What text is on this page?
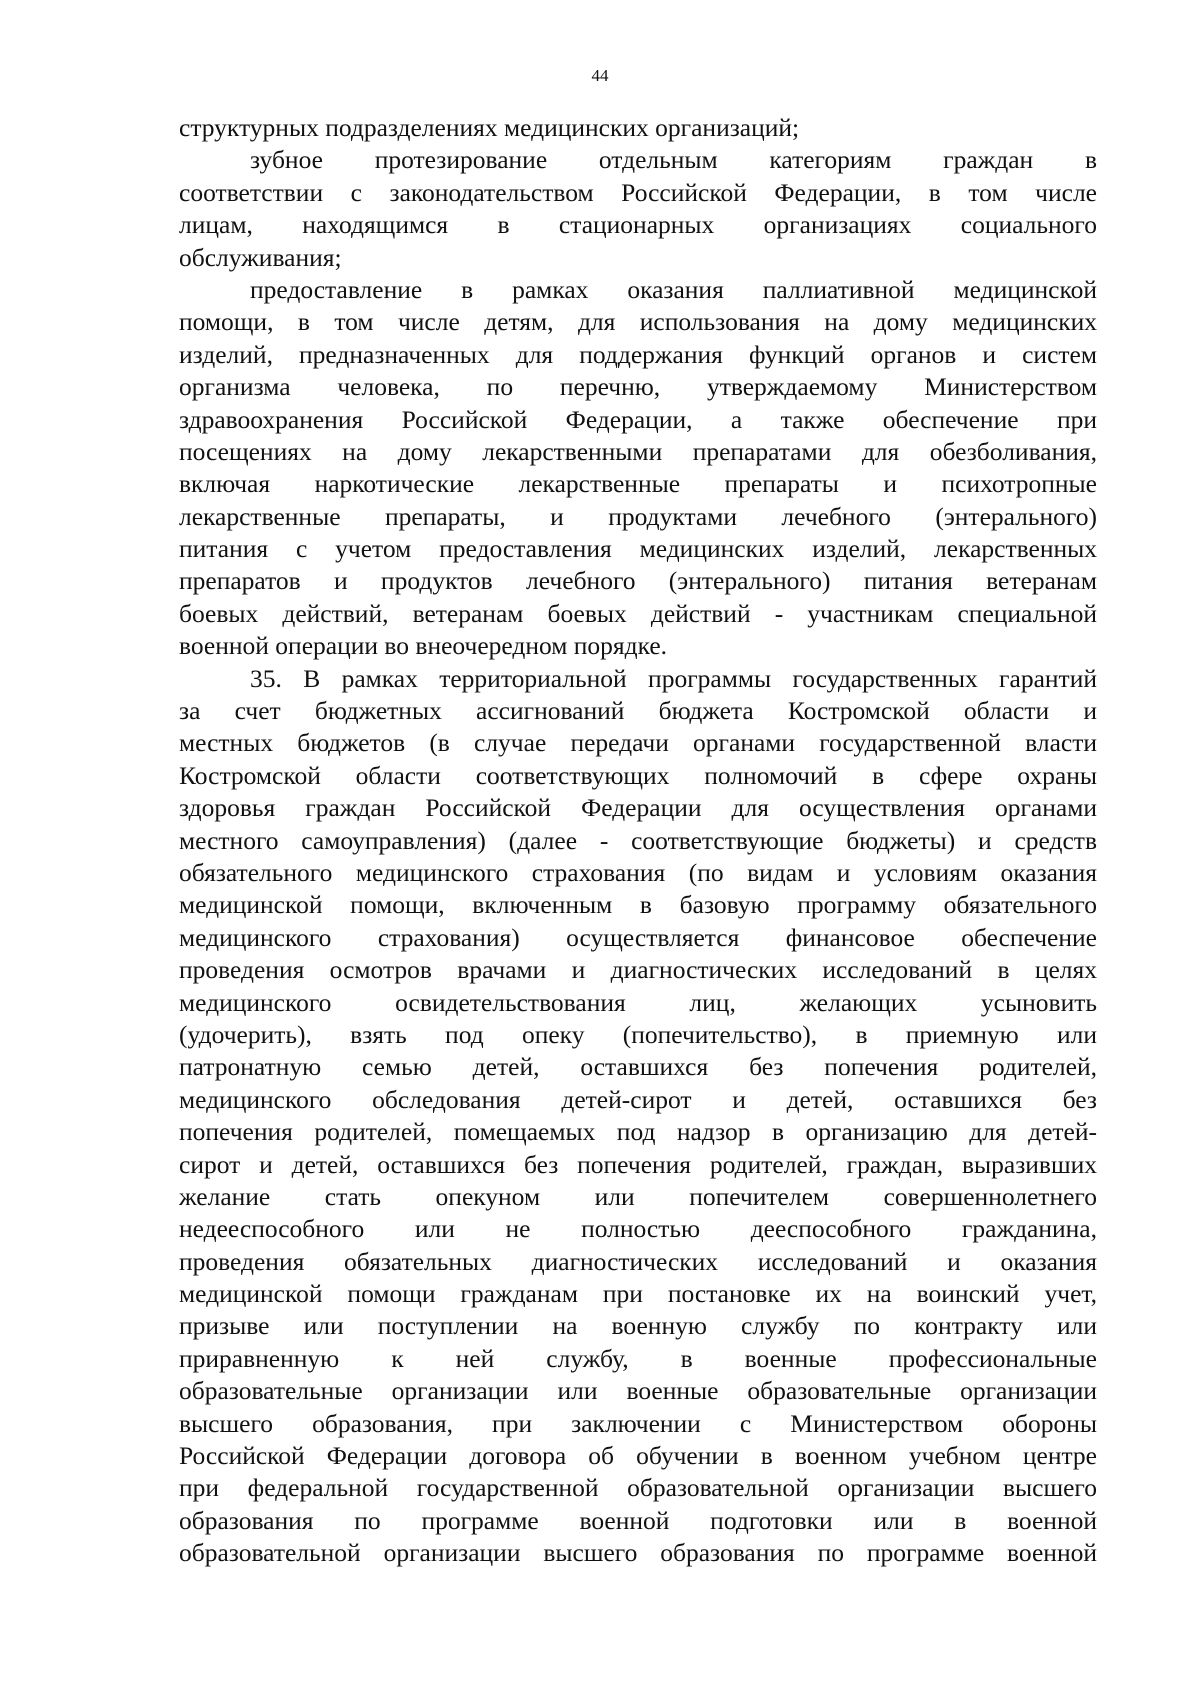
44
структурных подразделениях медицинских организаций;
зубное протезирование отдельным категориям граждан в
соответствии с законодательством Российской Федерации, в том числе
лицам, находящимся в стационарных организациях социального
обслуживания;
предоставление в рамках оказания паллиативной медицинской
помощи, в том числе детям, для использования на дому медицинских
изделий, предназначенных для поддержания функций органов и систем
организма человека, по перечню, утверждаемому Министерством
здравоохранения Российской Федерации, а также обеспечение при
посещениях на дому лекарственными препаратами для обезболивания,
включая наркотические лекарственные препараты и психотропные
лекарственные препараты, и продуктами лечебного (энтерального)
питания с учетом предоставления медицинских изделий, лекарственных
препаратов и продуктов лечебного (энтерального) питания ветеранам
боевых действий, ветеранам боевых действий - участникам специальной
военной операции во внеочередном порядке.
35. В рамках территориальной программы государственных гарантий
за счет бюджетных ассигнований бюджета Костромской области и
местных бюджетов (в случае передачи органами государственной власти
Костромской области соответствующих полномочий в сфере охраны
здоровья граждан Российской Федерации для осуществления органами
местного самоуправления) (далее - соответствующие бюджеты) и средств
обязательного медицинского страхования (по видам и условиям оказания
медицинской помощи, включенным в базовую программу обязательного
медицинского страхования) осуществляется финансовое обеспечение
проведения осмотров врачами и диагностических исследований в целях
медицинского освидетельствования лиц, желающих усыновить
(удочерить), взять под опеку (попечительство), в приемную или
патронатную семью детей, оставшихся без попечения родителей,
медицинского обследования детей-сирот и детей, оставшихся без
попечения родителей, помещаемых под надзор в организацию для детей-
сирот и детей, оставшихся без попечения родителей, граждан, выразивших
желание стать опекуном или попечителем совершеннолетнего
недееспособного или не полностью дееспособного гражданина,
проведения обязательных диагностических исследований и оказания
медицинской помощи гражданам при постановке их на воинский учет,
призыве или поступлении на военную службу по контракту или
приравненную к ней службу, в военные профессиональные
образовательные организации или военные образовательные организации
высшего образования, при заключении с Министерством обороны
Российской Федерации договора об обучении в военном учебном центре
при федеральной государственной образовательной организации высшего
образования по программе военной подготовки или в военной
образовательной организации высшего образования по программе военной
